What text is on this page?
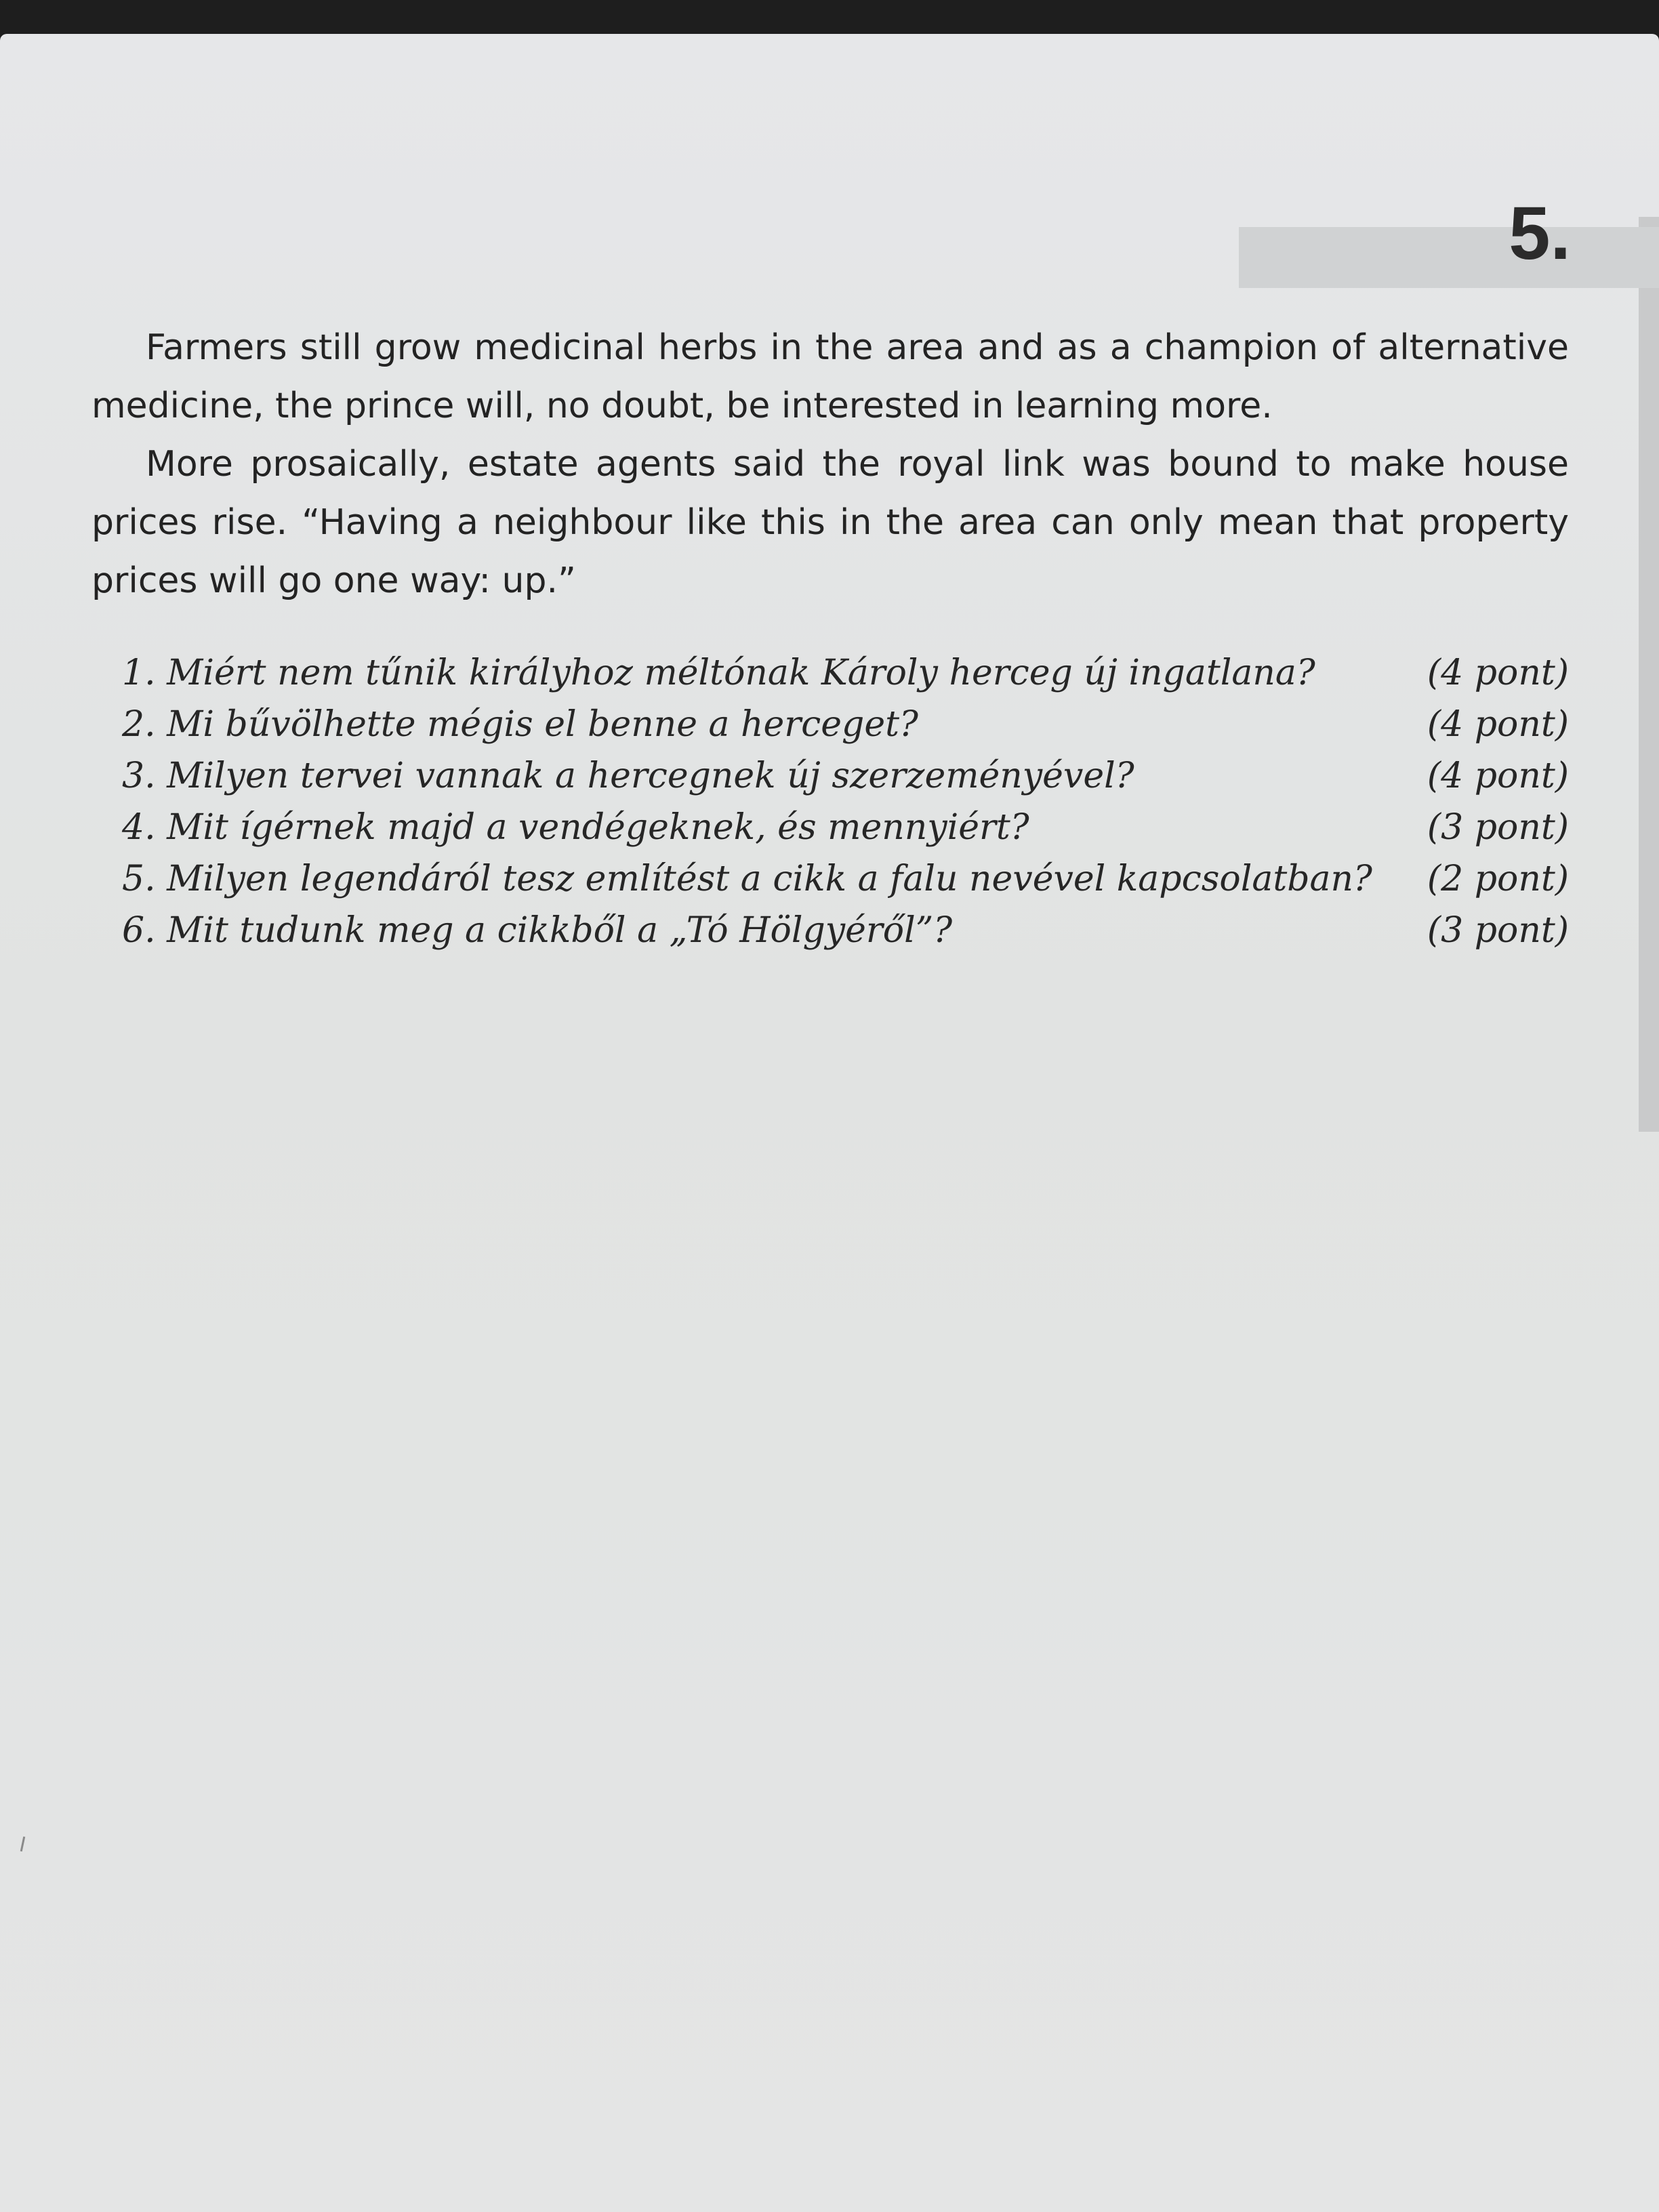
5.

Farmers still grow medicinal herbs in the area and as a champion of alternative medicine, the prince will, no doubt, be interested in learning more.

More prosaically, estate agents said the royal link was bound to make house prices rise. “Having a neighbour like this in the area can only mean that property prices will go one way: up.”

1. Miért nem tűnik királyhoz méltónak Károly herceg új ingatlana?	(4 pont)
2. Mi bűvölhette mégis el benne a herceget?	(4 pont)
3. Milyen tervei vannak a hercegnek új szerzeményével?	(4 pont)
4. Mit ígérnek majd a vendégeknek, és mennyiért?	(3 pont)
5. Milyen legendáról tesz említést a cikk a falu nevével kapcsolatban? (2 pont)
6. Mit tudunk meg a cikkből a „Tó Hölgyéről”?	(3 pont)
